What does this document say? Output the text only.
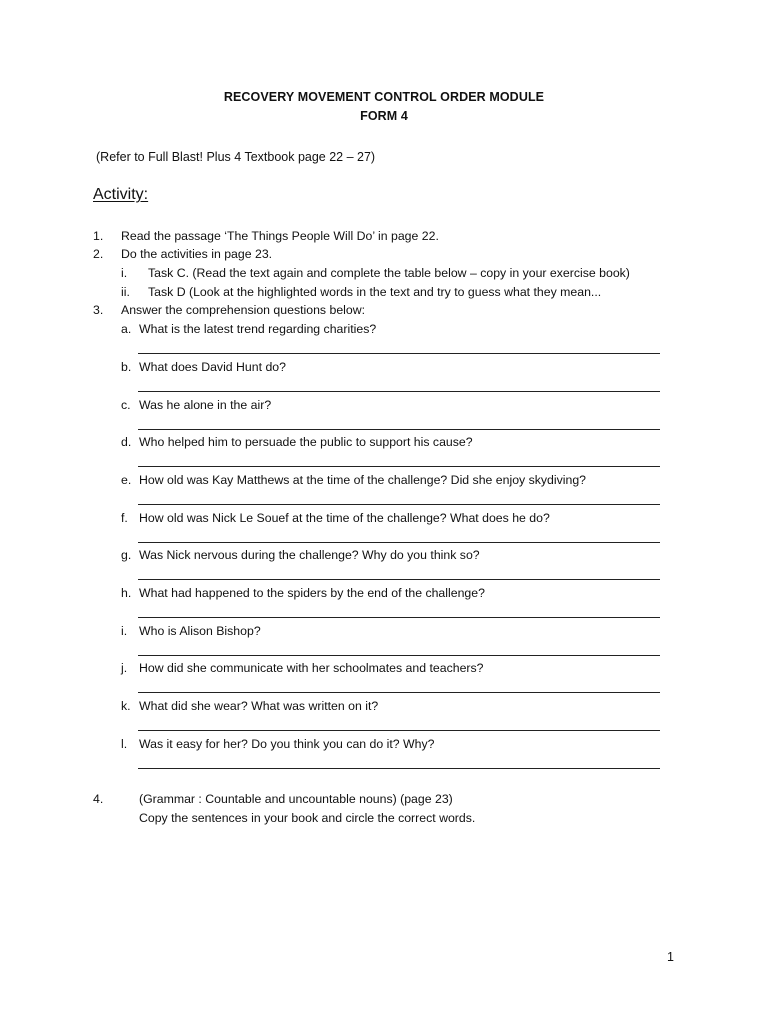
RECOVERY MOVEMENT CONTROL ORDER MODULE
FORM 4
(Refer to Full Blast! Plus 4 Textbook page 22 – 27)
Activity:
1. Read the passage ‘The Things People Will Do’ in page 22.
2. Do the activities in page 23.
i. Task C. (Read the text again and complete the table below – copy in your exercise book)
ii. Task D (Look at the highlighted words in the text and try to guess what they mean...
3. Answer the comprehension questions below:
a. What is the latest trend regarding charities?
b. What does David Hunt do?
c. Was he alone in the air?
d. Who helped him to persuade the public to support his cause?
e. How old was Kay Matthews at the time of the challenge? Did she enjoy skydiving?
f. How old was Nick Le Souef at the time of the challenge? What does he do?
g. Was Nick nervous during the challenge? Why do you think so?
h. What had happened to the spiders by the end of the challenge?
i. Who is Alison Bishop?
j. How did she communicate with her schoolmates and teachers?
k. What did she wear? What was written on it?
l. Was it easy for her? Do you think you can do it? Why?
4.	(Grammar : Countable and uncountable nouns) (page 23)
Copy the sentences in your book and circle the correct words.
1
